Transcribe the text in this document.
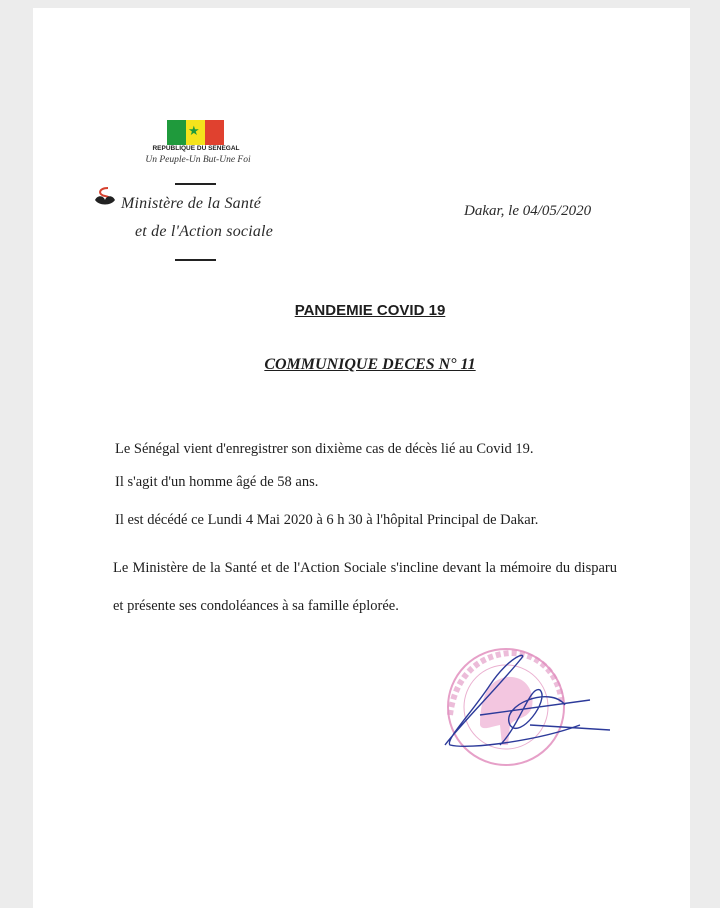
★
REPUBLIQUE DU SENEGAL
Un Peuple-Un But-Une Foi
Ministère de la Santé
et de l'Action sociale
Dakar, le 04/05/2020
PANDEMIE COVID 19
COMMUNIQUE DECES N° 11
Le Sénégal vient d'enregistrer son dixième cas de décès lié au Covid 19.
Il s'agit d'un homme âgé de 58 ans.
Il est décédé ce Lundi 4 Mai 2020 à 6 h 30 à l'hôpital Principal de Dakar.
Le Ministère de la Santé et de l'Action Sociale s'incline devant la mémoire du disparu et présente ses condoléances à sa famille éplorée.
